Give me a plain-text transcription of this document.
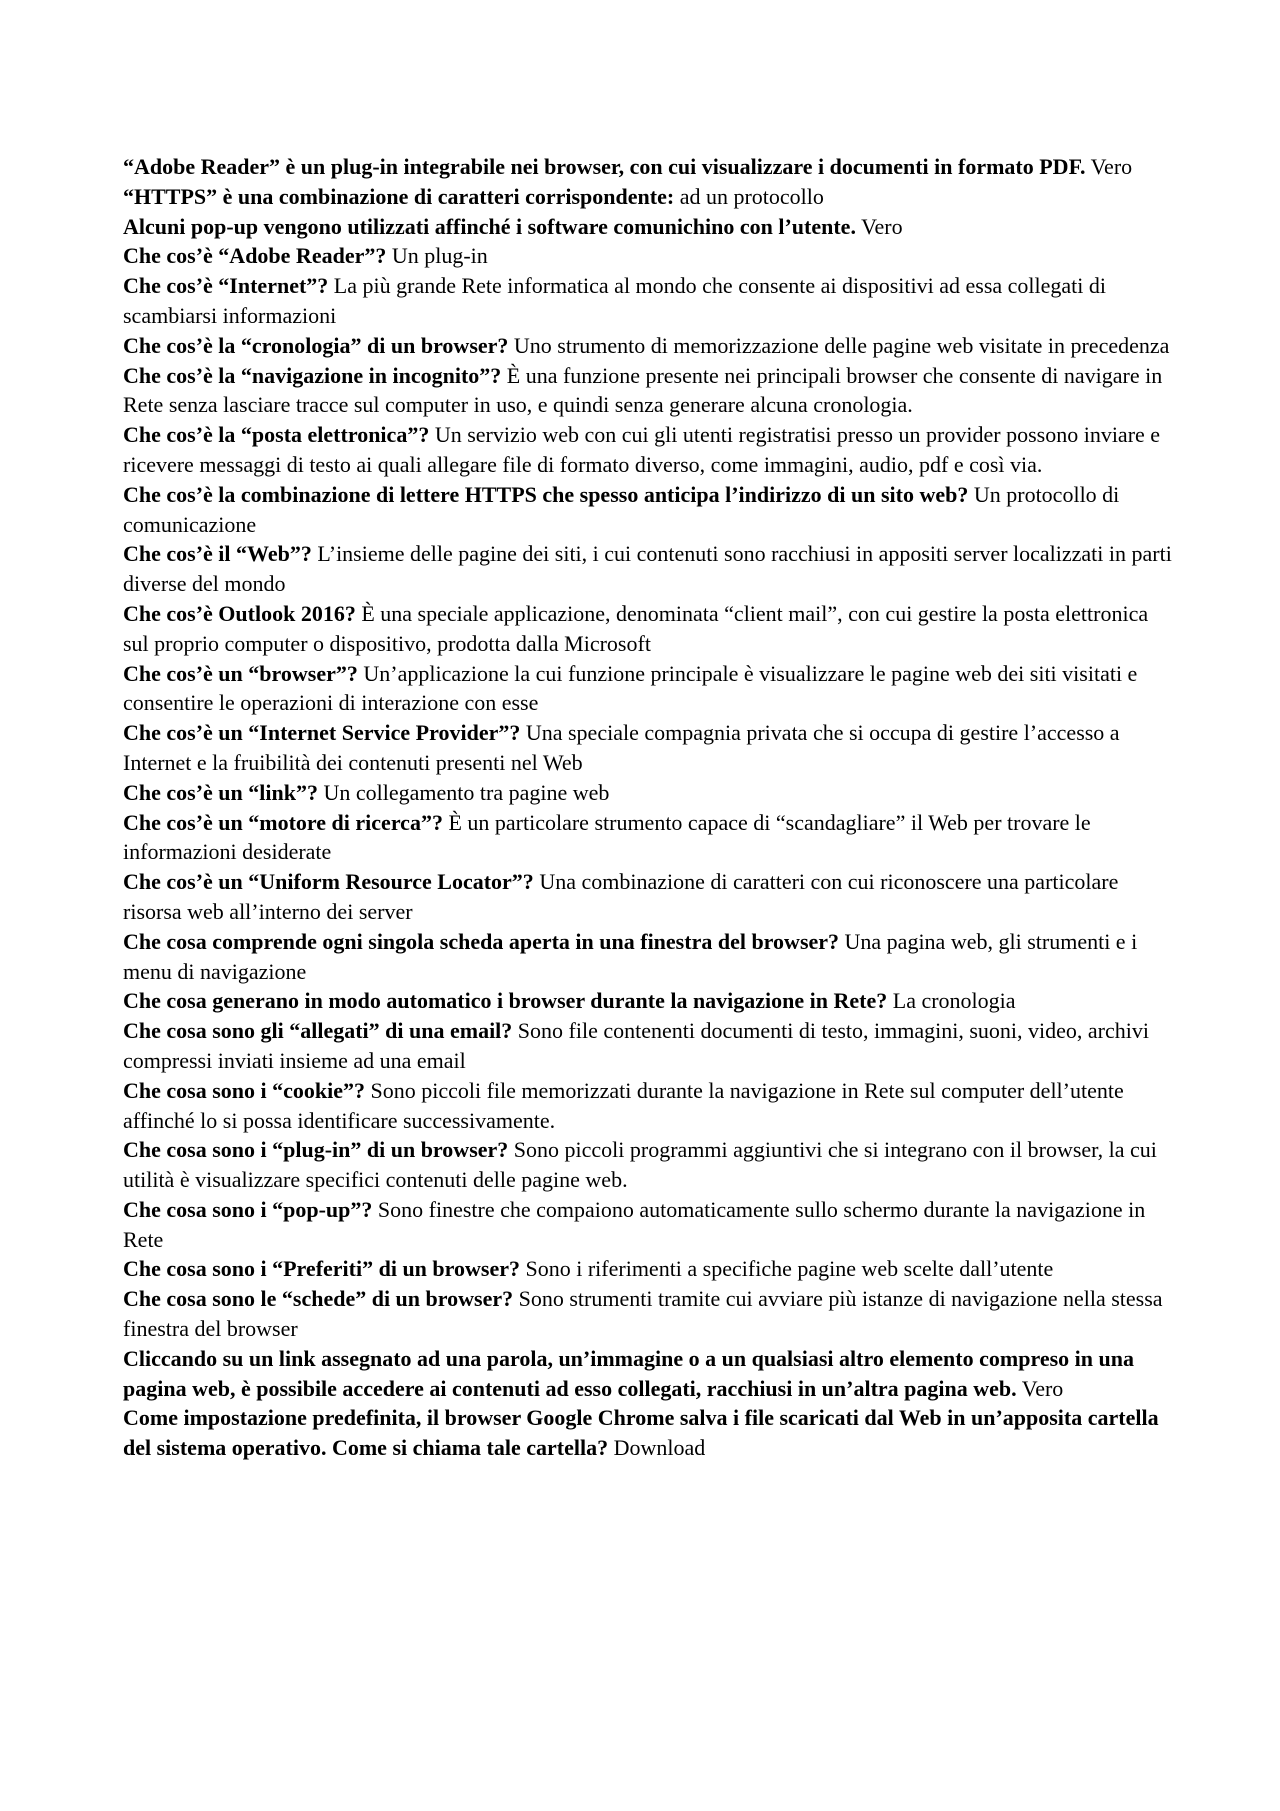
“Adobe Reader” è un plug-in integrabile nei browser, con cui visualizzare i documenti in formato PDF. Vero

“HTTPS” è una combinazione di caratteri corrispondente: ad un protocollo

Alcuni pop-up vengono utilizzati affinché i software comunichino con l’utente. Vero

Che cos’è “Adobe Reader”? Un plug-in

Che cos’è “Internet”? La più grande Rete informatica al mondo che consente ai dispositivi ad essa collegati di scambiarsi informazioni

Che cos’è la “cronologia” di un browser? Uno strumento di memorizzazione delle pagine web visitate in precedenza

Che cos’è la “navigazione in incognito”? È una funzione presente nei principali browser che consente di navigare in Rete senza lasciare tracce sul computer in uso, e quindi senza generare alcuna cronologia.

Che cos’è la “posta elettronica”? Un servizio web con cui gli utenti registratisi presso un provider possono inviare e ricevere messaggi di testo ai quali allegare file di formato diverso, come immagini, audio, pdf e così via.

Che cos’è la combinazione di lettere HTTPS che spesso anticipa l’indirizzo di un sito web? Un protocollo di comunicazione

Che cos’è il “Web”? L’insieme delle pagine dei siti, i cui contenuti sono racchiusi in appositi server localizzati in parti diverse del mondo

Che cos’è Outlook 2016? È una speciale applicazione, denominata “client mail”, con cui gestire la posta elettronica sul proprio computer o dispositivo, prodotta dalla Microsoft

Che cos’è un “browser”? Un’applicazione la cui funzione principale è visualizzare le pagine web dei siti visitati e consentire le operazioni di interazione con esse

Che cos’è un “Internet Service Provider”? Una speciale compagnia privata che si occupa di gestire l’accesso a Internet e la fruibilità dei contenuti presenti nel Web

Che cos’è un “link”? Un collegamento tra pagine web

Che cos’è un “motore di ricerca”? È un particolare strumento capace di “scandagliare” il Web per trovare le informazioni desiderate

Che cos’è un “Uniform Resource Locator”? Una combinazione di caratteri con cui riconoscere una particolare risorsa web all’interno dei server

Che cosa comprende ogni singola scheda aperta in una finestra del browser? Una pagina web, gli strumenti e i menu di navigazione

Che cosa generano in modo automatico i browser durante la navigazione in Rete? La cronologia

Che cosa sono gli “allegati” di una email? Sono file contenenti documenti di testo, immagini, suoni, video, archivi compressi inviati insieme ad una email

Che cosa sono i “cookie”? Sono piccoli file memorizzati durante la navigazione in Rete sul computer dell’utente affinché lo si possa identificare successivamente.

Che cosa sono i “plug-in” di un browser? Sono piccoli programmi aggiuntivi che si integrano con il browser, la cui utilità è visualizzare specifici contenuti delle pagine web.

Che cosa sono i “pop-up”? Sono finestre che compaiono automaticamente sullo schermo durante la navigazione in Rete

Che cosa sono i “Preferiti” di un browser? Sono i riferimenti a specifiche pagine web scelte dall’utente

Che cosa sono le “schede” di un browser? Sono strumenti tramite cui avviare più istanze di navigazione nella stessa finestra del browser

Cliccando su un link assegnato ad una parola, un’immagine o a un qualsiasi altro elemento compreso in una pagina web, è possibile accedere ai contenuti ad esso collegati, racchiusi in un’altra pagina web. Vero

Come impostazione predefinita, il browser Google Chrome salva i file scaricati dal Web in un’apposita cartella del sistema operativo. Come si chiama tale cartella? Download
